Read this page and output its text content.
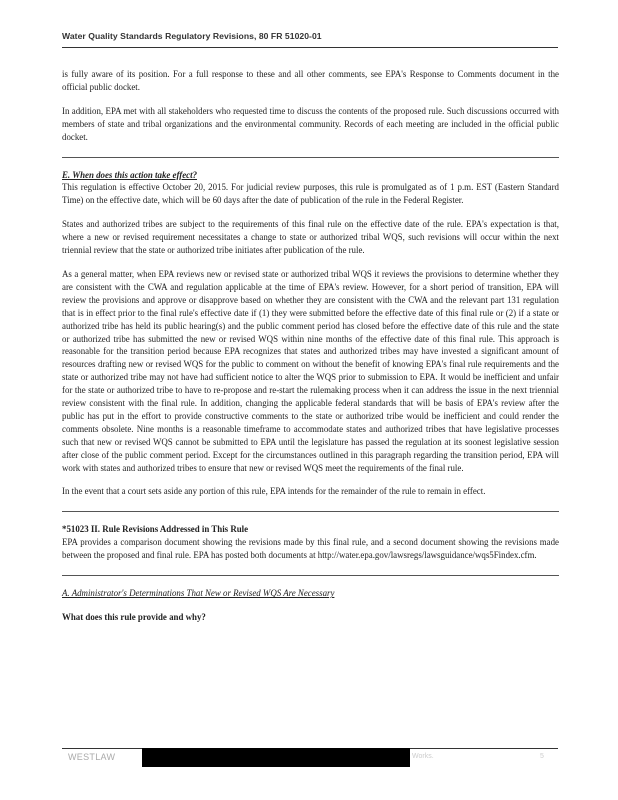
Water Quality Standards Regulatory Revisions, 80 FR 51020-01

is fully aware of its position. For a full response to these and all other comments, see EPA's Response to Comments document in the official public docket.

In addition, EPA met with all stakeholders who requested time to discuss the contents of the proposed rule. Such discussions occurred with members of state and tribal organizations and the environmental community. Records of each meeting are included in the official public docket.

E. When does this action take effect?

This regulation is effective October 20, 2015. For judicial review purposes, this rule is promulgated as of 1 p.m. EST (Eastern Standard Time) on the effective date, which will be 60 days after the date of publication of the rule in the Federal Register.

States and authorized tribes are subject to the requirements of this final rule on the effective date of the rule. EPA's expectation is that, where a new or revised requirement necessitates a change to state or authorized tribal WQS, such revisions will occur within the next triennial review that the state or authorized tribe initiates after publication of the rule.

As a general matter, when EPA reviews new or revised state or authorized tribal WQS it reviews the provisions to determine whether they are consistent with the CWA and regulation applicable at the time of EPA's review. However, for a short period of transition, EPA will review the provisions and approve or disapprove based on whether they are consistent with the CWA and the relevant part 131 regulation that is in effect prior to the final rule's effective date if (1) they were submitted before the effective date of this final rule or (2) if a state or authorized tribe has held its public hearing(s) and the public comment period has closed before the effective date of this rule and the state or authorized tribe has submitted the new or revised WQS within nine months of the effective date of this final rule. This approach is reasonable for the transition period because EPA recognizes that states and authorized tribes may have invested a significant amount of resources drafting new or revised WQS for the public to comment on without the benefit of knowing EPA's final rule requirements and the state or authorized tribe may not have had sufficient notice to alter the WQS prior to submission to EPA. It would be inefficient and unfair for the state or authorized tribe to have to re-propose and re-start the rulemaking process when it can address the issue in the next triennial review consistent with the final rule. In addition, changing the applicable federal standards that will be basis of EPA's review after the public has put in the effort to provide constructive comments to the state or authorized tribe would be inefficient and could render the comments obsolete. Nine months is a reasonable timeframe to accommodate states and authorized tribes that have legislative processes such that new or revised WQS cannot be submitted to EPA until the legislature has passed the regulation at its soonest legislative session after close of the public comment period. Except for the circumstances outlined in this paragraph regarding the transition period, EPA will work with states and authorized tribes to ensure that new or revised WQS meet the requirements of the final rule.

In the event that a court sets aside any portion of this rule, EPA intends for the remainder of the rule to remain in effect.

*51023 II. Rule Revisions Addressed in This Rule

EPA provides a comparison document showing the revisions made by this final rule, and a second document showing the revisions made between the proposed and final rule. EPA has posted both documents at http://water.epa.gov/lawsregs/lawsguidance/wqs5Findex.cfm.

A. Administrator's Determinations That New or Revised WQS Are Necessary

What does this rule provide and why?

WESTLAW	Works.	5
